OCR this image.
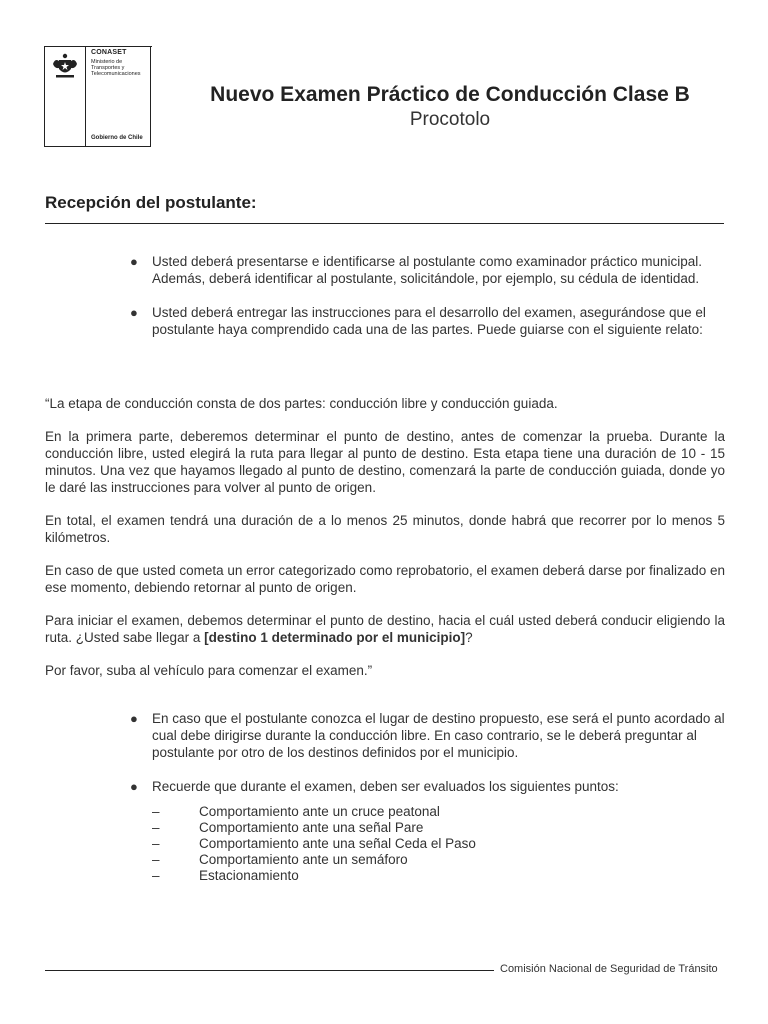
CONASET
Ministerio de Transportes y Telecomunicaciones
Gobierno de Chile
Nuevo Examen Práctico de Conducción Clase B
Procotolo
Recepción del postulante:
● Usted deberá presentarse e identificarse al postulante como examinador práctico municipal. Además, deberá identificar al postulante, solicitándole, por ejemplo, su cédula de identidad.
● Usted deberá entregar las instrucciones para el desarrollo del examen, asegurándose que el postulante haya comprendido cada una de las partes. Puede guiarse con el siguiente relato:

“La etapa de conducción consta de dos partes: conducción libre y conducción guiada.

En la primera parte, deberemos determinar el punto de destino, antes de comenzar la prueba. Durante la conducción libre, usted elegirá la ruta para llegar al punto de destino. Esta etapa tiene una duración de 10 - 15 minutos. Una vez que hayamos llegado al punto de destino, comenzará la parte de conducción guiada, donde yo le daré las instrucciones para volver al punto de origen.

En total, el examen tendrá una duración de a lo menos 25 minutos, donde habrá que recorrer por lo menos 5 kilómetros.

En caso de que usted cometa un error categorizado como reprobatorio, el examen deberá darse por finalizado en ese momento, debiendo retornar al punto de origen.

Para iniciar el examen, debemos determinar el punto de destino, hacia el cuál usted deberá conducir eligiendo la ruta. ¿Usted sabe llegar a [destino 1 determinado por el municipio]?

Por favor, suba al vehículo para comenzar el examen.”

● En caso que el postulante conozca el lugar de destino propuesto, ese será el punto acordado al cual debe dirigirse durante la conducción libre. En caso contrario, se le deberá preguntar al postulante por otro de los destinos definidos por el municipio.
● Recuerde que durante el examen, deben ser evaluados los siguientes puntos:
–	Comportamiento ante un cruce peatonal
–	Comportamiento ante una señal Pare
–	Comportamiento ante una señal Ceda el Paso
–	Comportamiento ante un semáforo
–	Estacionamiento
Comisión Nacional de Seguridad de Tránsito
